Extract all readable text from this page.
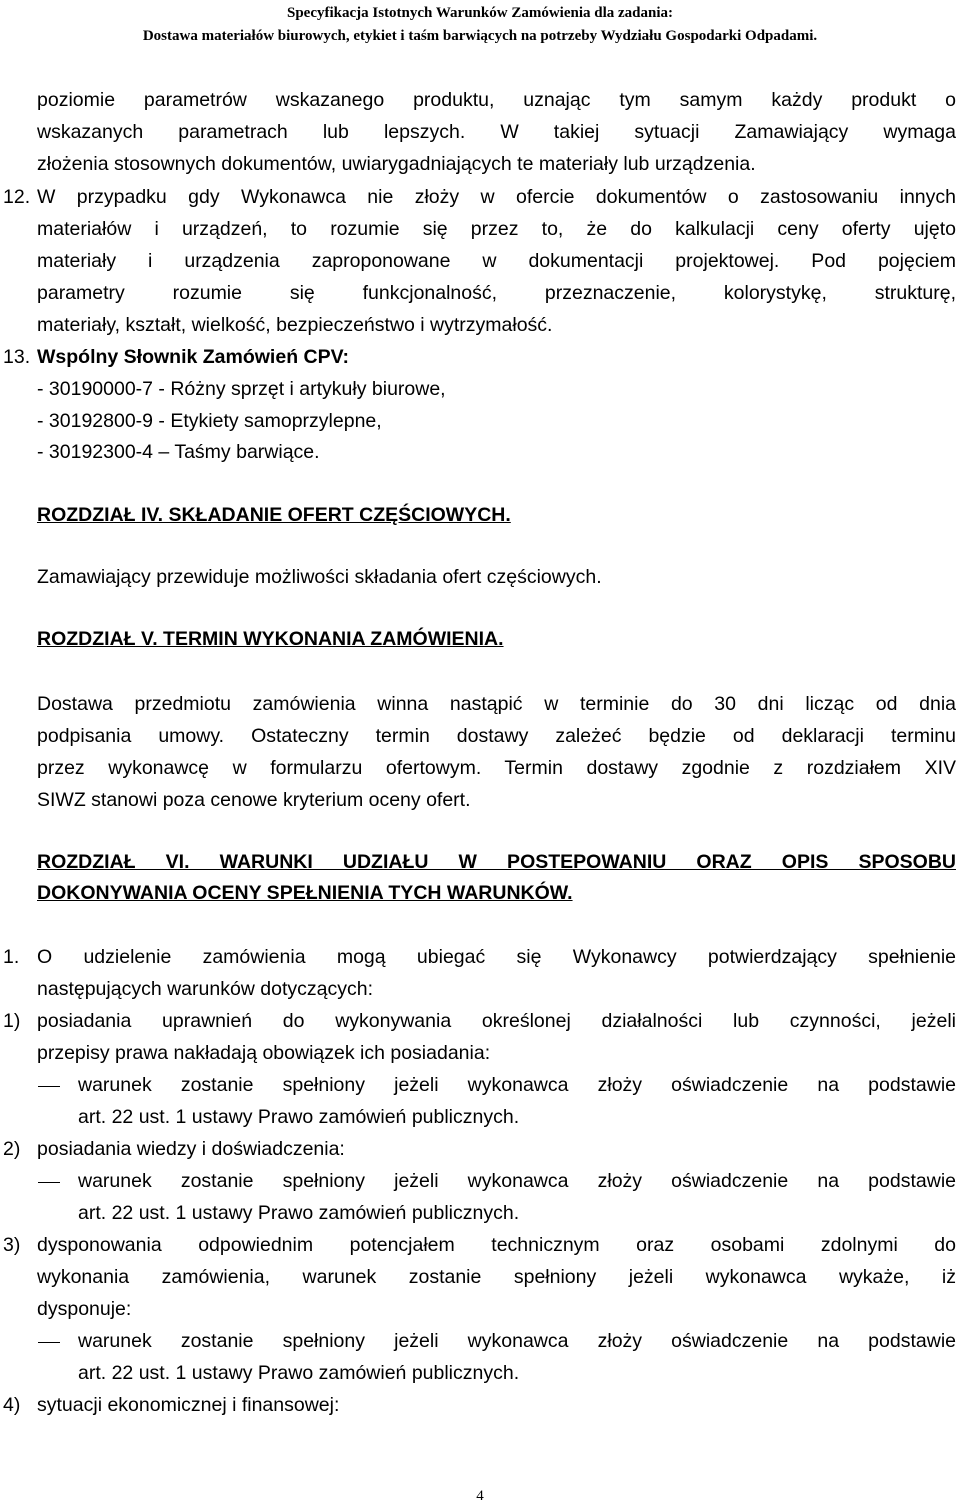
Specyfikacja Istotnych Warunków Zamówienia dla zadania:
Dostawa materiałów biurowych, etykiet i taśm barwiących na potrzeby Wydziału Gospodarki Odpadami.

poziomie parametrów wskazanego produktu, uznając tym samym każdy produkt o

wskazanych parametrach lub lepszych. W takiej sytuacji Zamawiający wymaga

złożenia stosownych dokumentów, uwiarygadniających te materiały lub urządzenia.

12. W przypadku gdy Wykonawca nie złoży w ofercie dokumentów o zastosowaniu innych

materiałów i urządzeń, to rozumie się przez to, że do kalkulacji ceny oferty ujęto

materiały i urządzenia zaproponowane w dokumentacji projektowej. Pod pojęciem

parametry rozumie się funkcjonalność, przeznaczenie, kolorystykę, strukturę,

materiały, kształt, wielkość, bezpieczeństwo i wytrzymałość.

13. Wspólny Słownik Zamówień CPV:

- 30190000-7 - Różny sprzęt i artykuły biurowe,

- 30192800-9 - Etykiety samoprzylepne,

- 30192300-4 – Taśmy barwiące.

ROZDZIAŁ IV. SKŁADANIE OFERT CZĘŚCIOWYCH.

Zamawiający przewiduje możliwości składania ofert częściowych.

ROZDZIAŁ V. TERMIN WYKONANIA ZAMÓWIENIA.

Dostawa przedmiotu zamówienia winna nastąpić w terminie do 30 dni licząc od dnia

podpisania umowy. Ostateczny termin dostawy zależeć będzie od deklaracji terminu

przez wykonawcę w formularzu ofertowym. Termin dostawy zgodnie z rozdziałem XIV

SIWZ stanowi poza cenowe kryterium oceny ofert.

ROZDZIAŁ VI. WARUNKI UDZIAŁU W POSTEPOWANIU ORAZ OPIS SPOSOBU

DOKONYWANIA OCENY SPEŁNIENIA TYCH WARUNKÓW.

1. O udzielenie zamówienia mogą ubiegać się Wykonawcy potwierdzający spełnienie

następujących warunków dotyczących:

1) posiadania uprawnień do wykonywania określonej działalności lub czynności, jeżeli

przepisy prawa nakładają obowiązek ich posiadania:

warunek zostanie spełniony jeżeli wykonawca złoży oświadczenie na podstawie

art. 22 ust. 1 ustawy Prawo zamówień publicznych.

2) posiadania wiedzy i doświadczenia:

warunek zostanie spełniony jeżeli wykonawca złoży oświadczenie na podstawie

art. 22 ust. 1 ustawy Prawo zamówień publicznych.

3) dysponowania odpowiednim potencjałem technicznym oraz osobami zdolnymi do

wykonania zamówienia, warunek zostanie spełniony jeżeli wykonawca wykaże, iż

dysponuje:

warunek zostanie spełniony jeżeli wykonawca złoży oświadczenie na podstawie

art. 22 ust. 1 ustawy Prawo zamówień publicznych.

4) sytuacji ekonomicznej i finansowej:

4
